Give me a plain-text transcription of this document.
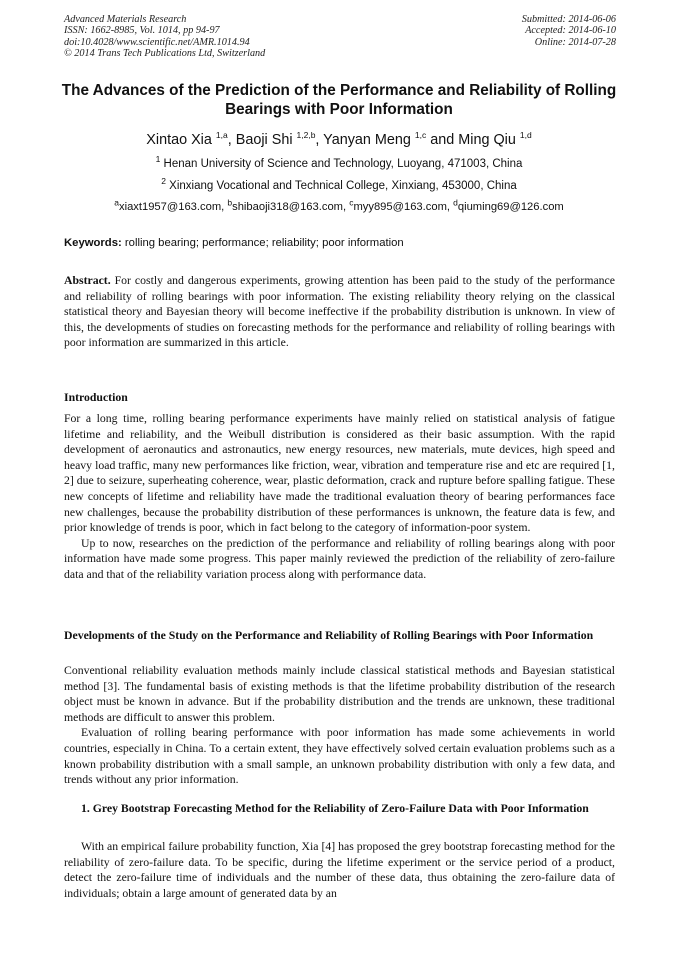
Advanced Materials Research
ISSN: 1662-8985, Vol. 1014, pp 94-97
doi:10.4028/www.scientific.net/AMR.1014.94
© 2014 Trans Tech Publications Ltd, Switzerland
Submitted: 2014-06-06
Accepted: 2014-06-10
Online: 2014-07-28
The Advances of the Prediction of the Performance and Reliability of Rolling Bearings with Poor Information
Xintao Xia $^{1,a}$, Baoji Shi $^{1,2,b}$, Yanyan Meng $^{1,c}$ and Ming Qiu $^{1,d}$
$^1$ Henan University of Science and Technology, Luoyang, 471003, China
$^2$ Xinxiang Vocational and Technical College, Xinxiang, 453000, China
$^a$xiaxt1957@163.com, $^b$shibaoji318@163.com, $^c$myy895@163.com, $^d$qiuming69@126.com
Keywords: rolling bearing; performance; reliability; poor information

Abstract. For costly and dangerous experiments, growing attention has been paid to the study of the performance and reliability of rolling bearings with poor information. The existing reliability theory relying on the classical statistical theory and Bayesian theory will become ineffective if the probability distribution is unknown. In view of this, the developments of studies on forecasting methods for the performance and reliability of rolling bearings with poor information are summarized in this article.

Introduction

For a long time, rolling bearing performance experiments have mainly relied on statistical analysis of fatigue lifetime and reliability, and the Weibull distribution is considered as their basic assumption. With the rapid development of aeronautics and astronautics, new energy resources, new materials, mute devices, high speed and heavy load traffic, many new performances like friction, wear, vibration and temperature rise and etc are required [1, 2] due to seizure, superheating coherence, wear, plastic deformation, crack and rupture before spalling fatigue. These new concepts of lifetime and reliability have made the traditional evaluation theory of bearing performances face new challenges, because the probability distribution of these performances is unknown, the feature data is few, and prior knowledge of trends is poor, which in fact belong to the category of information-poor system.

Up to now, researches on the prediction of the performance and reliability of rolling bearings along with poor information have made some progress. This paper mainly reviewed the prediction of the reliability of zero-failure data and that of the reliability variation process along with performance data.

Developments of the Study on the Performance and Reliability of Rolling Bearings with Poor Information

Conventional reliability evaluation methods mainly include classical statistical methods and Bayesian statistical method [3]. The fundamental basis of existing methods is that the lifetime probability distribution of the research object must be known in advance. But if the probability distribution and the trends are unknown, these traditional methods are difficult to answer this problem.

Evaluation of rolling bearing performance with poor information has made some achievements in world countries, especially in China. To a certain extent, they have effectively solved certain evaluation problems such as a known probability distribution with a small sample, an unknown probability distribution with only a few data, and trends without any prior information.

1. Grey Bootstrap Forecasting Method for the Reliability of Zero-Failure Data with Poor Information

With an empirical failure probability function, Xia [4] has proposed the grey bootstrap forecasting method for the reliability of zero-failure data. To be specific, during the lifetime experiment or the service period of a product, detect the zero-failure time of individuals and the number of these data, thus obtaining the zero-failure data of individuals; obtain a large amount of generated data by an
